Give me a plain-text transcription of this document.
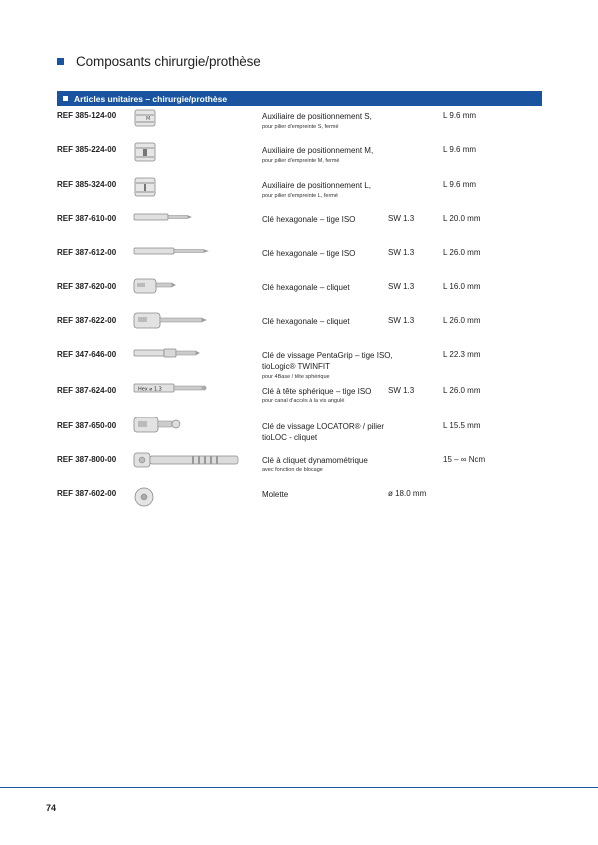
Composants chirurgie/prothèse
Articles unitaires – chirurgie/prothèse
REF 385-124-00	M	Auxiliaire de positionnement S,
pour pilier d'empreinte S, fermé
L 9.6 mm
REF 385-224-00	Auxiliaire de positionnement M,
pour pilier d'empreinte M, fermé
L 9.6 mm
REF 385-324-00	Auxiliaire de positionnement L,
pour pilier d'empreinte L, fermé
L 9.6 mm
REF 387-610-00	Clé hexagonale – tige ISO	SW 1.3	L 20.0 mm
REF 387-612-00	Clé hexagonale – tige ISO	SW 1.3	L 26.0 mm
REF 387-620-00	Clé hexagonale – cliquet	SW 1.3	L 16.0 mm
REF 387-622-00	Clé hexagonale – cliquet	SW 1.3	L 26.0 mm
REF 347-646-00	Clé de vissage PentaGrip – tige ISO, tioLogic® TWINFIT
pour 4Base / tête sphérique
L 22.3 mm
REF 387-624-00	Hex ⌀ 1.3	Clé à tête sphérique – tige ISO
pour canal d'accès à la vis angulé
SW 1.3	L 26.0 mm
REF 387-650-00	Clé de vissage LOCATOR® / pilier tioLOC - cliquet
L 15.5 mm
REF 387-800-00	Clé à cliquet dynamométrique
avec fonction de blocage
15 – ∞ Ncm
REF 387-602-00	Molette	ø 18.0 mm
74
